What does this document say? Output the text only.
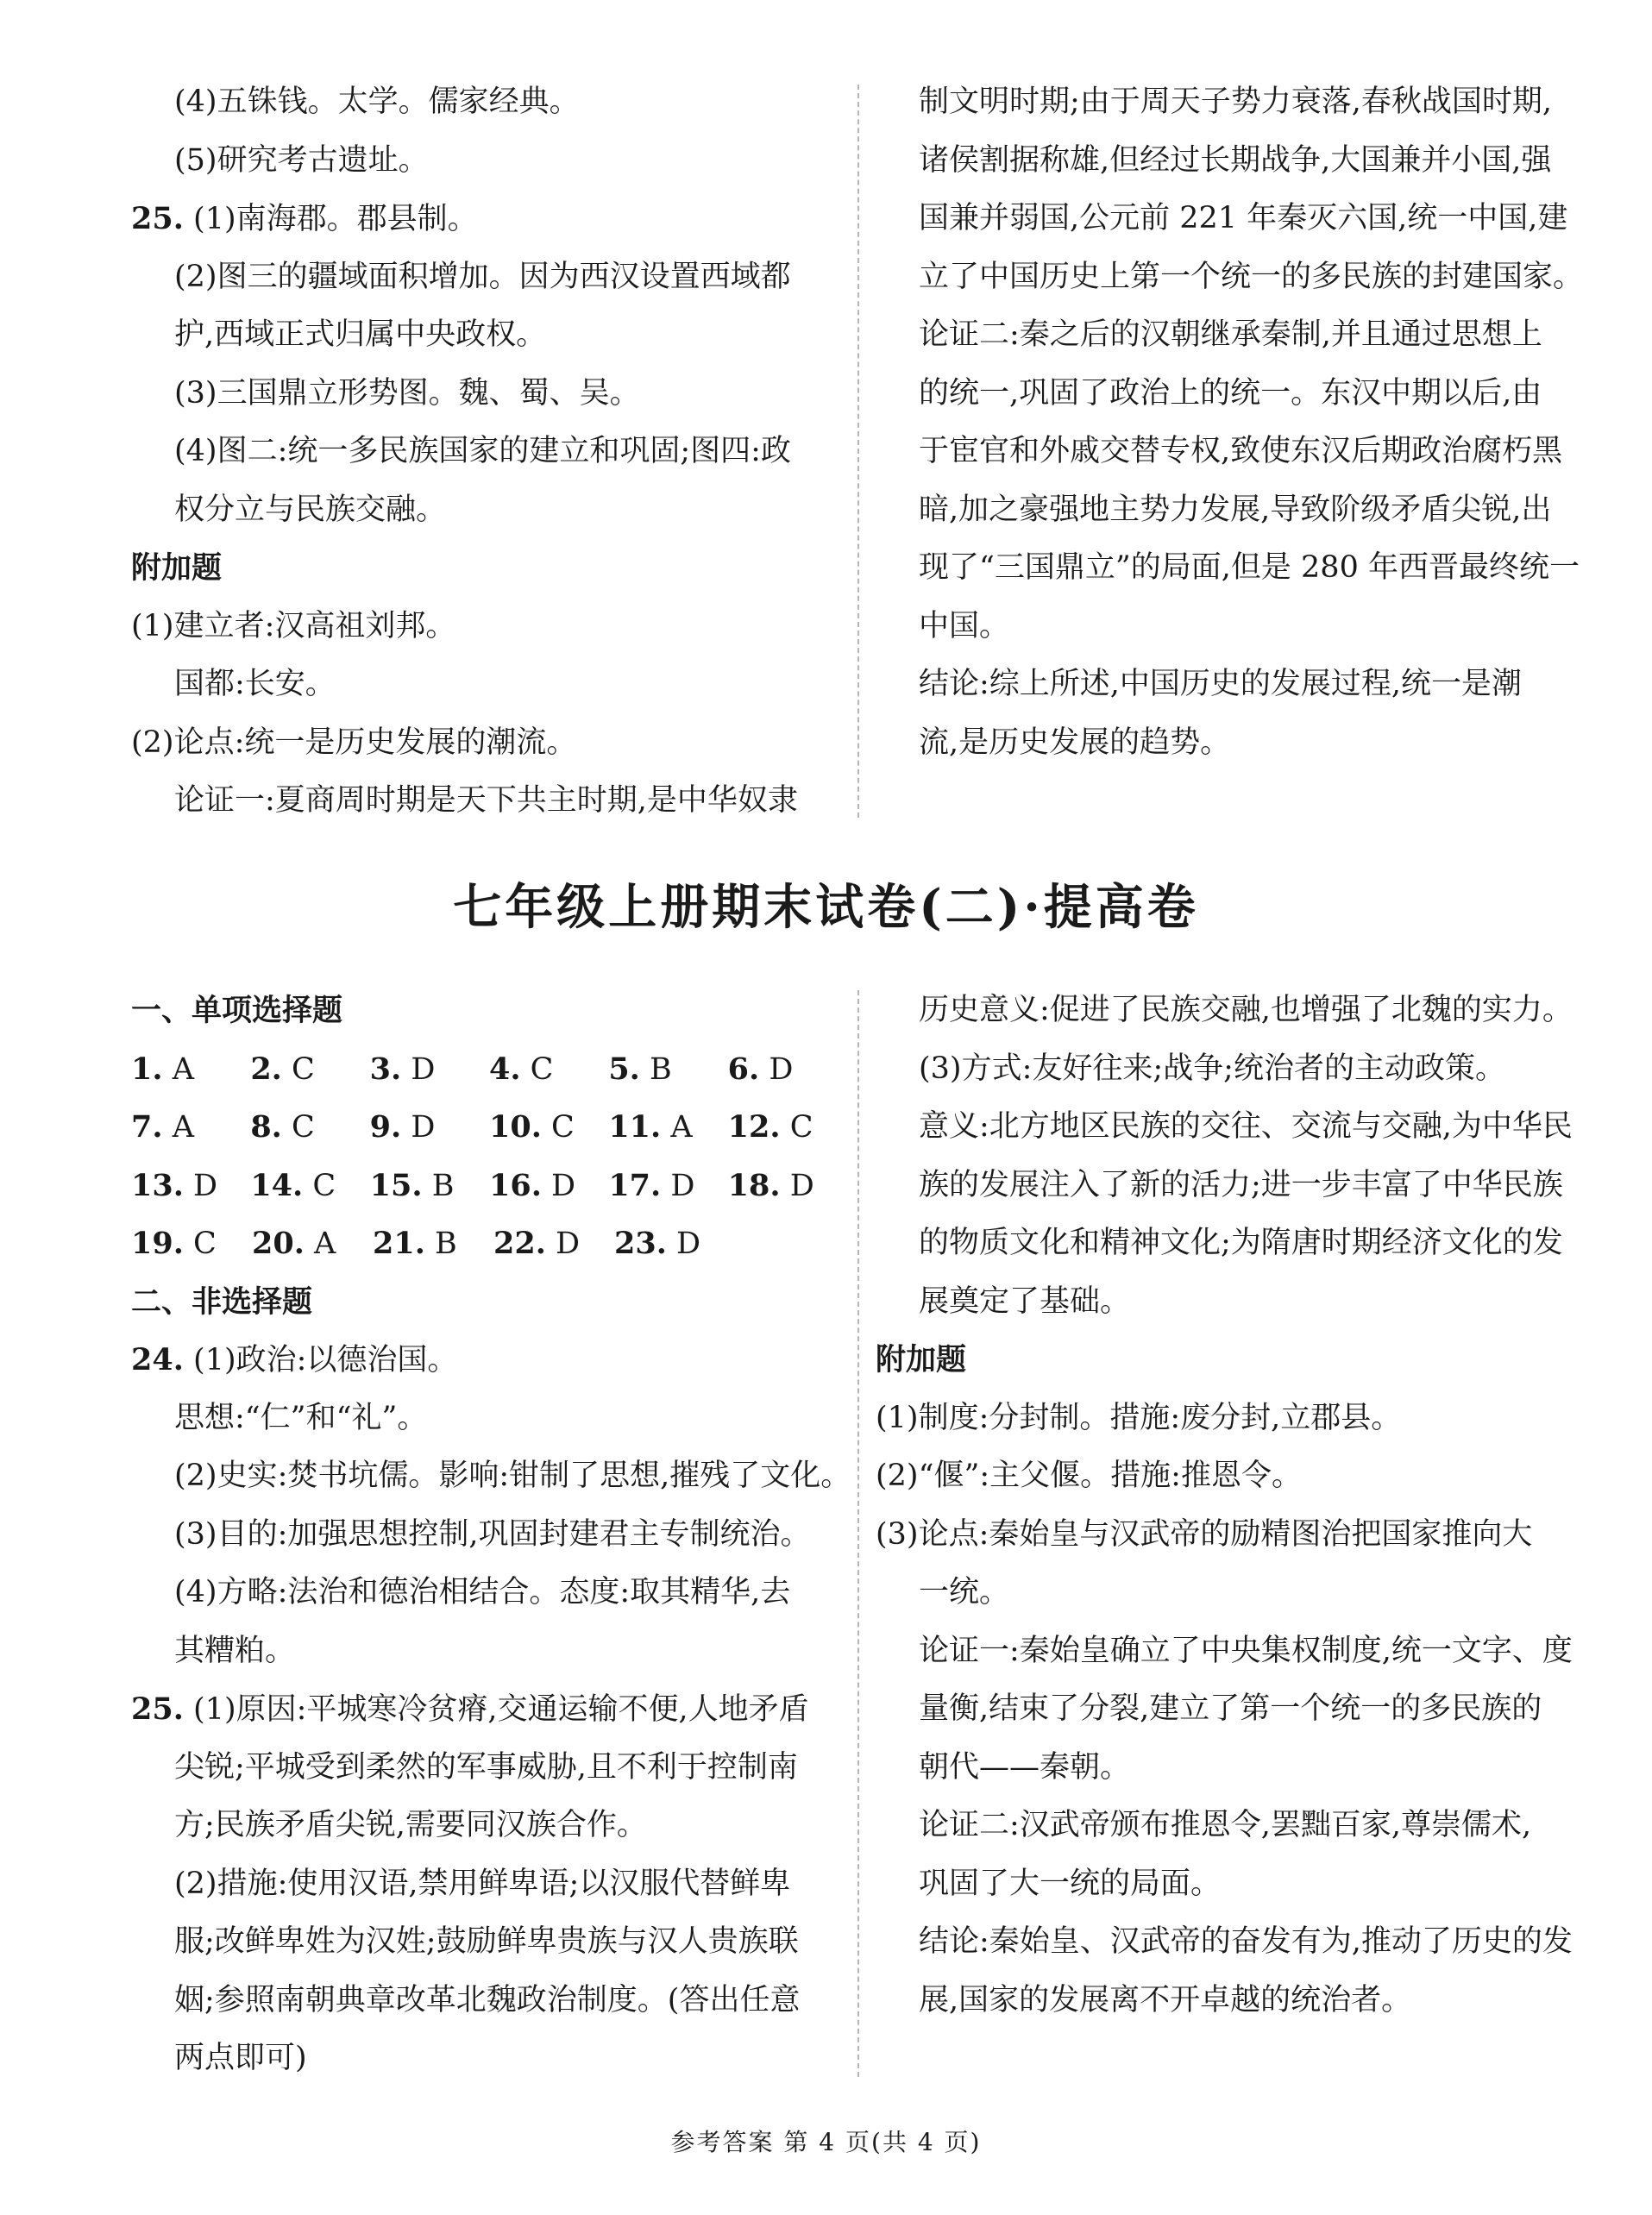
(4)五铢钱。太学。儒家经典。
(5)研究考古遗址。
25. (1)南海郡。郡县制。
(2)图三的疆域面积增加。因为西汉设置西域都
护,西域正式归属中央政权。
(3)三国鼎立形势图。魏、蜀、吴。
(4)图二:统一多民族国家的建立和巩固;图四:政
权分立与民族交融。
附加题
(1)建立者:汉高祖刘邦。
国都:长安。
(2)论点:统一是历史发展的潮流。
论证一:夏商周时期是天下共主时期,是中华奴隶
制文明时期;由于周天子势力衰落,春秋战国时期,
诸侯割据称雄,但经过长期战争,大国兼并小国,强
国兼并弱国,公元前 221 年秦灭六国,统一中国,建
立了中国历史上第一个统一的多民族的封建国家。
论证二:秦之后的汉朝继承秦制,并且通过思想上
的统一,巩固了政治上的统一。东汉中期以后,由
于宦官和外戚交替专权,致使东汉后期政治腐朽黑
暗,加之豪强地主势力发展,导致阶级矛盾尖锐,出
现了“三国鼎立”的局面,但是 280 年西晋最终统一
中国。
结论:综上所述,中国历史的发展过程,统一是潮
流,是历史发展的趋势。
七年级上册期末试卷(二)·提高卷
一、单项选择题
1. A	2. C	3. D	4. C	5. B	6. D
7. A	8. C	9. D	10. C	11. A	12. C
13. D	14. C	15. B	16. D	17. D	18. D
19. C	20. A	21. B	22. D	23. D
二、非选择题
24. (1)政治:以德治国。
思想:“仁”和“礼”。
(2)史实:焚书坑儒。影响:钳制了思想,摧残了文化。
(3)目的:加强思想控制,巩固封建君主专制统治。
(4)方略:法治和德治相结合。态度:取其精华,去
其糟粕。
25. (1)原因:平城寒冷贫瘠,交通运输不便,人地矛盾
尖锐;平城受到柔然的军事威胁,且不利于控制南
方;民族矛盾尖锐,需要同汉族合作。
(2)措施:使用汉语,禁用鲜卑语;以汉服代替鲜卑
服;改鲜卑姓为汉姓;鼓励鲜卑贵族与汉人贵族联
姻;参照南朝典章改革北魏政治制度。(答出任意
两点即可)
历史意义:促进了民族交融,也增强了北魏的实力。
(3)方式:友好往来;战争;统治者的主动政策。
意义:北方地区民族的交往、交流与交融,为中华民
族的发展注入了新的活力;进一步丰富了中华民族
的物质文化和精神文化;为隋唐时期经济文化的发
展奠定了基础。
附加题
(1)制度:分封制。措施:废分封,立郡县。
(2)“偃”:主父偃。措施:推恩令。
(3)论点:秦始皇与汉武帝的励精图治把国家推向大
一统。
论证一:秦始皇确立了中央集权制度,统一文字、度
量衡,结束了分裂,建立了第一个统一的多民族的
朝代——秦朝。
论证二:汉武帝颁布推恩令,罢黜百家,尊崇儒术,
巩固了大一统的局面。
结论:秦始皇、汉武帝的奋发有为,推动了历史的发
展,国家的发展离不开卓越的统治者。
参考答案 第 4 页(共 4 页)
